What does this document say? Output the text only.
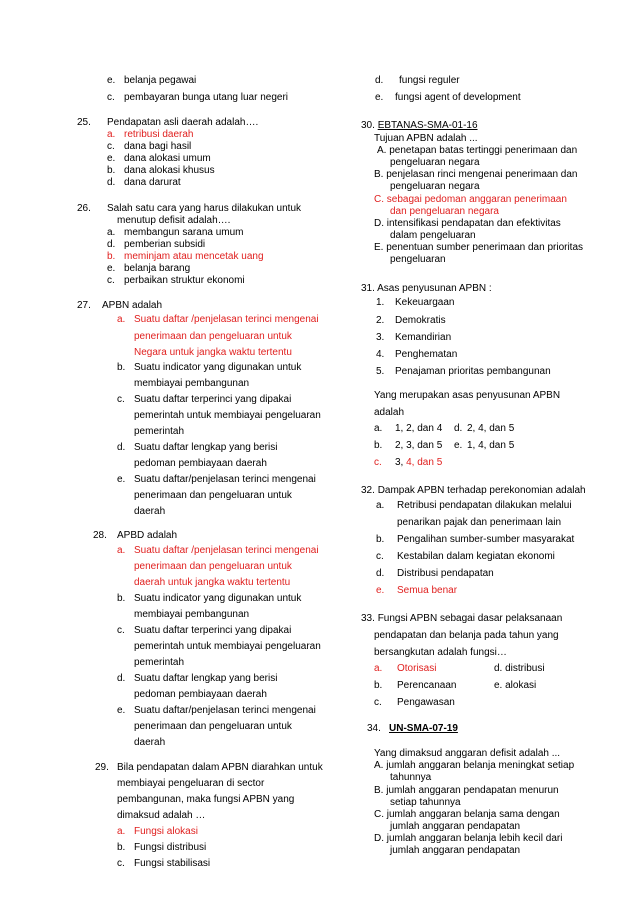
e. belanja pegawai
c. pembayaran bunga utang luar negeri
25. Pendapatan asli daerah adalah….
a. retribusi daerah
c. dana bagi hasil
e. dana alokasi umum
b. dana alokasi khusus
d. dana darurat
26. Salah satu cara yang harus dilakukan untuk
menutup defisit adalah….
a. membangun sarana umum
d. pemberian subsidi
b. meminjam atau mencetak uang
e. belanja barang
c. perbaikan struktur ekonomi
27. APBN adalah
a. Suatu daftar /penjelasan terinci mengenai
penerimaan dan pengeluaran untuk
Negara untuk jangka waktu tertentu
b. Suatu indicator yang digunakan untuk
membiayai pembangunan
c. Suatu daftar terperinci yang dipakai
pemerintah untuk membiayai pengeluaran
pemerintah
d. Suatu daftar lengkap yang berisi
pedoman pembiayaan daerah
e. Suatu daftar/penjelasan terinci mengenai
penerimaan dan pengeluaran untuk
daerah
28. APBD adalah
a. Suatu daftar /penjelasan terinci mengenai
penerimaan dan pengeluaran untuk
daerah untuk jangka waktu tertentu
b. Suatu indicator yang digunakan untuk
membiayai pembangunan
c. Suatu daftar terperinci yang dipakai
pemerintah untuk membiayai pengeluaran
pemerintah
d. Suatu daftar lengkap yang berisi
pedoman pembiayaan daerah
e. Suatu daftar/penjelasan terinci mengenai
penerimaan dan pengeluaran untuk
daerah
29. Bila pendapatan dalam APBN diarahkan untuk
membiayai pengeluaran di sector
pembangunan, maka fungsi APBN yang
dimaksud adalah …
a. Fungsi alokasi
b. Fungsi distribusi
c. Fungsi stabilisasi
d. fungsi reguler
e. fungsi agent of development
30. EBTANAS-SMA-01-16
Tujuan APBN adalah ...
A. penetapan batas tertinggi penerimaan dan
pengeluaran negara
B. penjelasan rinci mengenai penerimaan dan
pengeluaran negara
C. sebagai pedoman anggaran penerimaan
dan pengeluaran negara
D. intensifikasi pendapatan dan efektivitas
dalam pengeluaran
E. penentuan sumber penerimaan dan prioritas
pengeluaran
31. Asas penyusunan APBN :
1. Kekeuargaan
2. Demokratis
3. Kemandirian
4. Penghematan
5. Penajaman prioritas pembangunan
Yang merupakan asas penyusunan APBN
adalah
a. 1, 2, dan 4 d. 2, 4, dan 5
b. 2, 3, dan 5 e. 1, 4, dan 5
c. 3, 4, dan 5
32. Dampak APBN terhadap perekonomian adalah
a. Retribusi pendapatan dilakukan melalui
penarikan pajak dan penerimaan lain
b. Pengalihan sumber-sumber masyarakat
c. Kestabilan dalam kegiatan ekonomi
d. Distribusi pendapatan
e. Semua benar
33. Fungsi APBN sebagai dasar pelaksanaan
pendapatan dan belanja pada tahun yang
bersangkutan adalah fungsi…
a. Otorisasi	d. distribusi
b. Perencanaan	e. alokasi
c. Pengawasan
34. UN-SMA-07-19
Yang dimaksud anggaran defisit adalah ...
A. jumlah anggaran belanja meningkat setiap
tahunnya
B. jumlah anggaran pendapatan menurun
setiap tahunnya
C. jumlah anggaran belanja sama dengan
jumlah anggaran pendapatan
D. jumlah anggaran belanja lebih kecil dari
jumlah anggaran pendapatan
